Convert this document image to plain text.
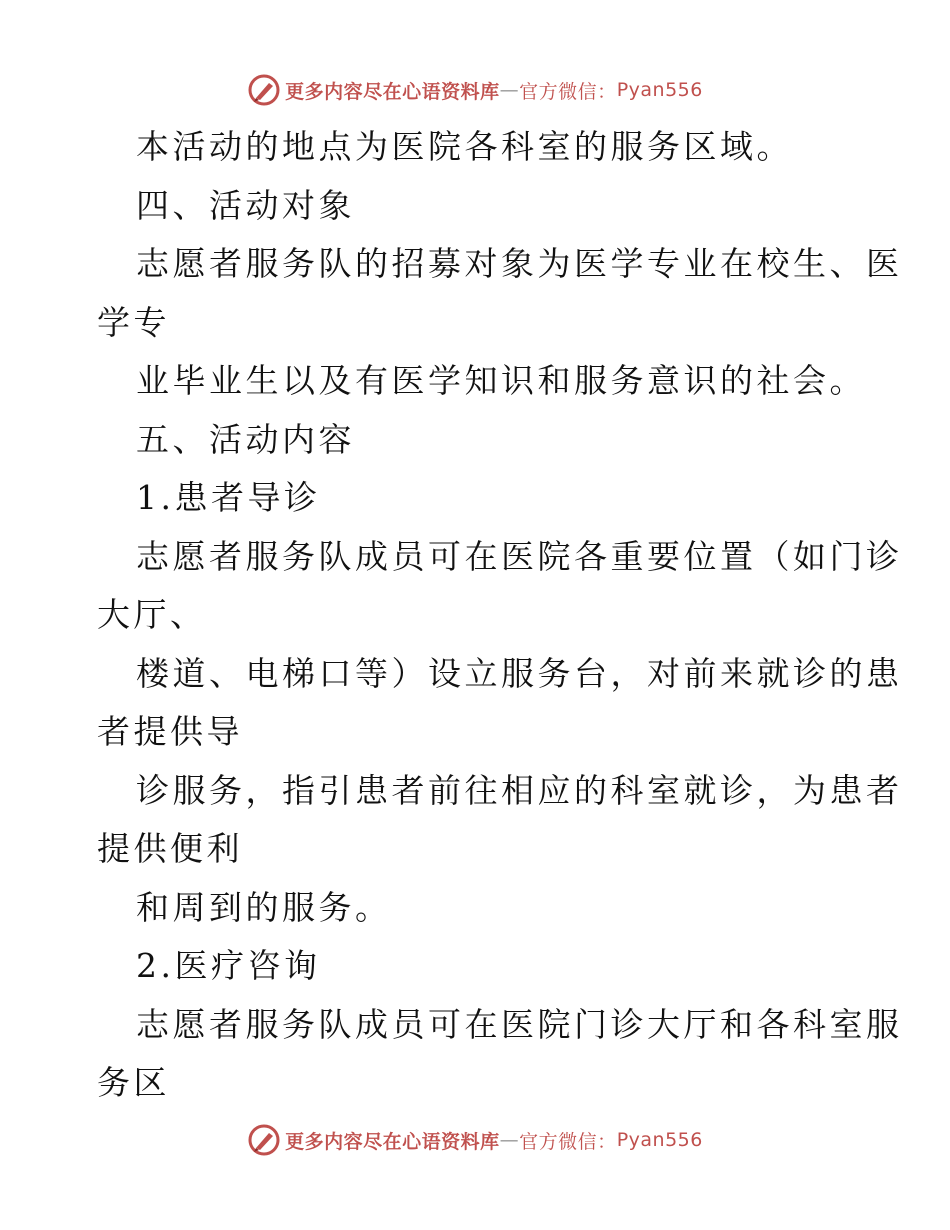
更多内容尽在心语资料库 — 官方微信： Pyan556
本活动的地点为医院各科室的服务区域。
四、活动对象
志愿者服务队的招募对象为医学专业在校生、医
学专
业毕业生以及有医学知识和服务意识的社会。
五、活动内容
1.患者导诊
志愿者服务队成员可在医院各重要位置（如门诊
大厅、
楼道、电梯口等）设立服务台，对前来就诊的患
者提供导
诊服务，指引患者前往相应的科室就诊，为患者
提供便利
和周到的服务。
2.医疗咨询
志愿者服务队成员可在医院门诊大厅和各科室服
务区
更多内容尽在心语资料库 — 官方微信： Pyan556
